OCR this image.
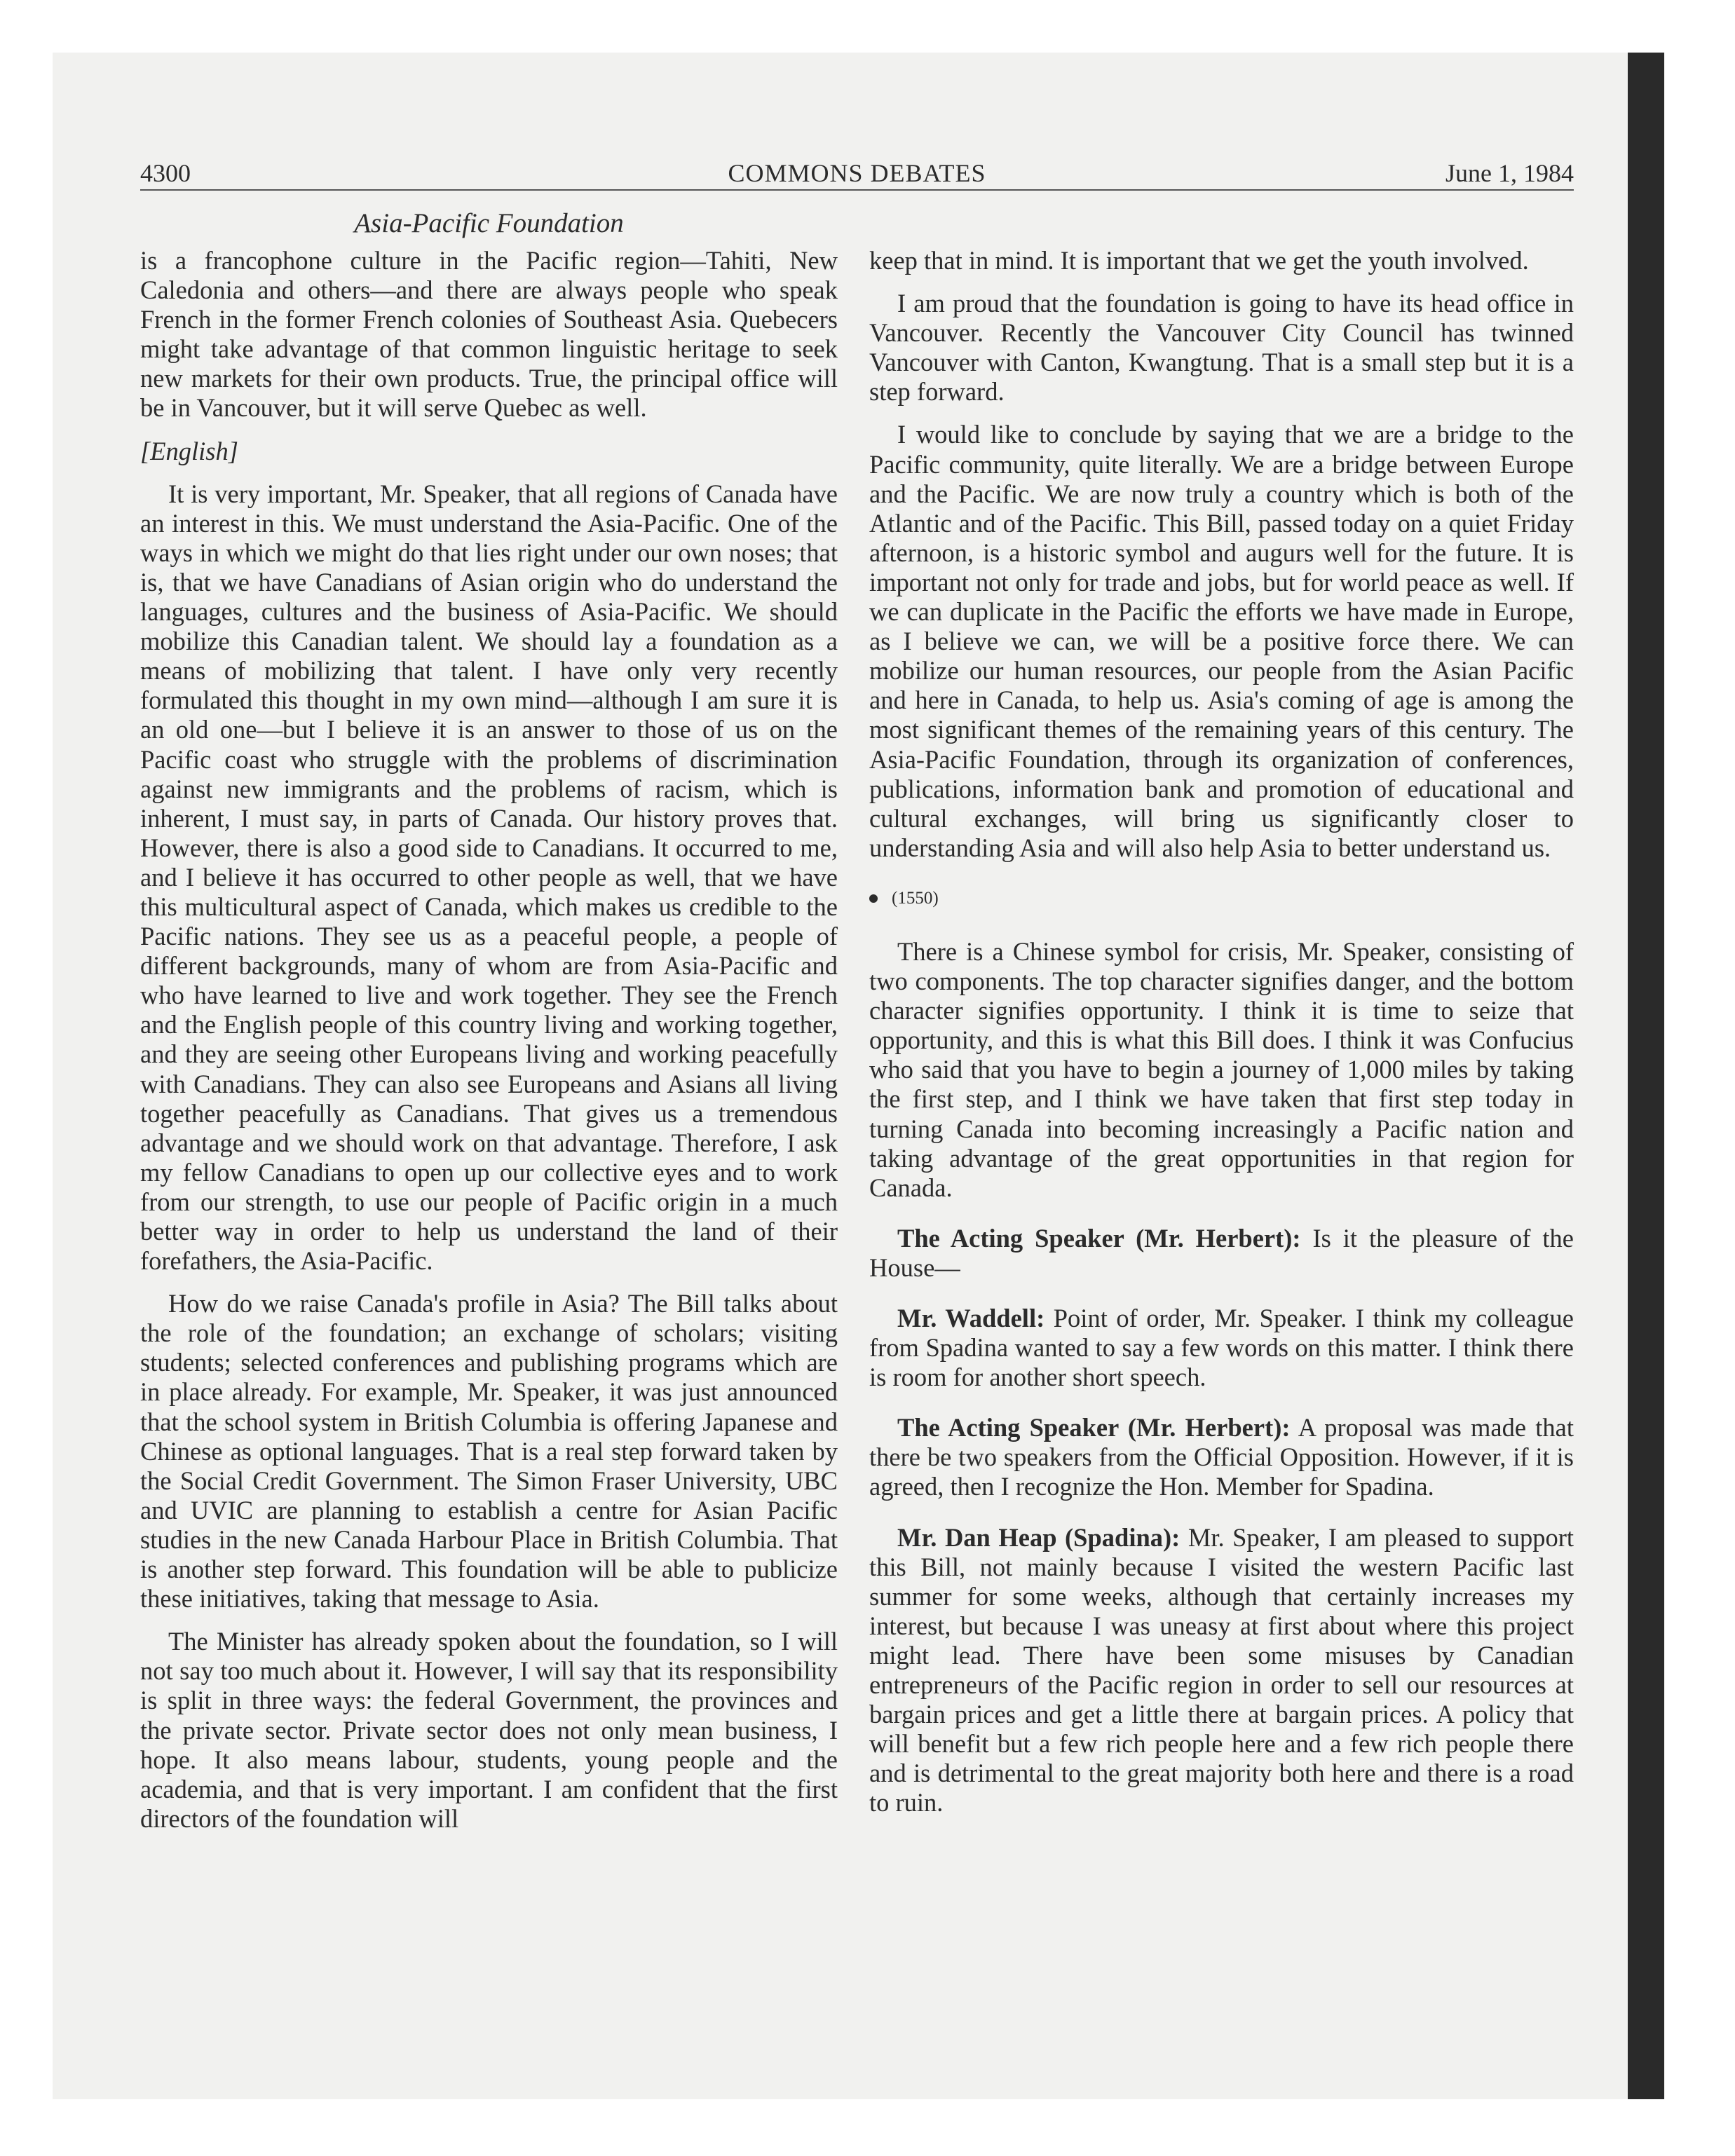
4300	COMMONS DEBATES	June 1, 1984
Asia-Pacific Foundation

is a francophone culture in the Pacific region—Tahiti, New Caledonia and others—and there are always people who speak French in the former French colonies of Southeast Asia. Quebecers might take advantage of that common linguistic heritage to seek new markets for their own products. True, the principal office will be in Vancouver, but it will serve Quebec as well.

[English]

It is very important, Mr. Speaker, that all regions of Canada have an interest in this. We must understand the Asia-Pacific. One of the ways in which we might do that lies right under our own noses; that is, that we have Canadians of Asian origin who do understand the languages, cultures and the business of Asia-Pacific. We should mobilize this Canadian talent. We should lay a foundation as a means of mobilizing that talent. I have only very recently formulated this thought in my own mind—although I am sure it is an old one—but I believe it is an answer to those of us on the Pacific coast who struggle with the problems of discrimination against new immigrants and the problems of racism, which is inherent, I must say, in parts of Canada. Our history proves that. However, there is also a good side to Canadians. It occurred to me, and I believe it has occurred to other people as well, that we have this multicultural aspect of Canada, which makes us credible to the Pacific nations. They see us as a peaceful people, a people of different backgrounds, many of whom are from Asia-Pacific and who have learned to live and work together. They see the French and the English people of this country living and working together, and they are seeing other Europeans living and working peacefully with Canadians. They can also see Europeans and Asians all living together peacefully as Canadians. That gives us a tremendous advantage and we should work on that advantage. Therefore, I ask my fellow Canadians to open up our collective eyes and to work from our strength, to use our people of Pacific origin in a much better way in order to help us understand the land of their forefathers, the Asia-Pacific.

How do we raise Canada's profile in Asia? The Bill talks about the role of the foundation; an exchange of scholars; visiting students; selected conferences and publishing programs which are in place already. For example, Mr. Speaker, it was just announced that the school system in British Columbia is offering Japanese and Chinese as optional languages. That is a real step forward taken by the Social Credit Government. The Simon Fraser University, UBC and UVIC are planning to establish a centre for Asian Pacific studies in the new Canada Harbour Place in British Columbia. That is another step forward. This foundation will be able to publicize these initiatives, taking that message to Asia.

The Minister has already spoken about the foundation, so I will not say too much about it. However, I will say that its responsibility is split in three ways: the federal Government, the provinces and the private sector. Private sector does not only mean business, I hope. It also means labour, students, young people and the academia, and that is very important. I am confident that the first directors of the foundation will

keep that in mind. It is important that we get the youth involved.

I am proud that the foundation is going to have its head office in Vancouver. Recently the Vancouver City Council has twinned Vancouver with Canton, Kwangtung. That is a small step but it is a step forward.

I would like to conclude by saying that we are a bridge to the Pacific community, quite literally. We are a bridge between Europe and the Pacific. We are now truly a country which is both of the Atlantic and of the Pacific. This Bill, passed today on a quiet Friday afternoon, is a historic symbol and augurs well for the future. It is important not only for trade and jobs, but for world peace as well. If we can duplicate in the Pacific the efforts we have made in Europe, as I believe we can, we will be a positive force there. We can mobilize our human resources, our people from the Asian Pacific and here in Canada, to help us. Asia's coming of age is among the most significant themes of the remaining years of this century. The Asia-Pacific Foundation, through its organization of conferences, publications, information bank and promotion of educational and cultural exchanges, will bring us significantly closer to understanding Asia and will also help Asia to better understand us.

(1550)

There is a Chinese symbol for crisis, Mr. Speaker, consisting of two components. The top character signifies danger, and the bottom character signifies opportunity. I think it is time to seize that opportunity, and this is what this Bill does. I think it was Confucius who said that you have to begin a journey of 1,000 miles by taking the first step, and I think we have taken that first step today in turning Canada into becoming increasingly a Pacific nation and taking advantage of the great opportunities in that region for Canada.

The Acting Speaker (Mr. Herbert): Is it the pleasure of the House—

Mr. Waddell: Point of order, Mr. Speaker. I think my colleague from Spadina wanted to say a few words on this matter. I think there is room for another short speech.

The Acting Speaker (Mr. Herbert): A proposal was made that there be two speakers from the Official Opposition. However, if it is agreed, then I recognize the Hon. Member for Spadina.

Mr. Dan Heap (Spadina): Mr. Speaker, I am pleased to support this Bill, not mainly because I visited the western Pacific last summer for some weeks, although that certainly increases my interest, but because I was uneasy at first about where this project might lead. There have been some misuses by Canadian entrepreneurs of the Pacific region in order to sell our resources at bargain prices and get a little there at bargain prices. A policy that will benefit but a few rich people here and a few rich people there and is detrimental to the great majority both here and there is a road to ruin.
